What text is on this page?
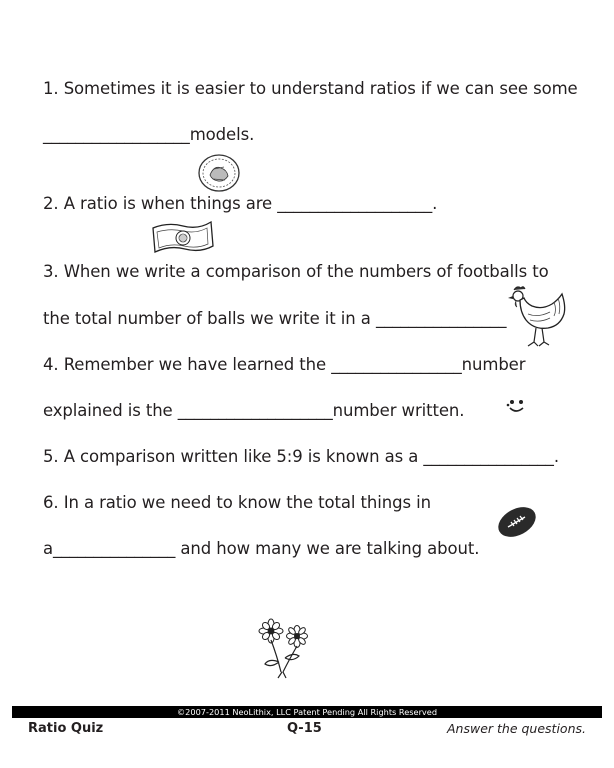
1. Sometimes it is easier to understand ratios if we can see some

__________________models.

2. A ratio is when things are ___________________.

3. When we write a comparison of the numbers of footballs to

the total number of balls we write it in a ________________

4. Remember we have learned the ________________number

explained is the ___________________number written.

5. A comparison written like 5:9 is known as a ________________.

6. In a ratio we need to know the total things in

a_______________ and how many we are talking about.

©2007-2011 NeoLithix, LLC Patent Pending All Rights Reserved
Ratio Quiz	Q-15	Answer the questions.
